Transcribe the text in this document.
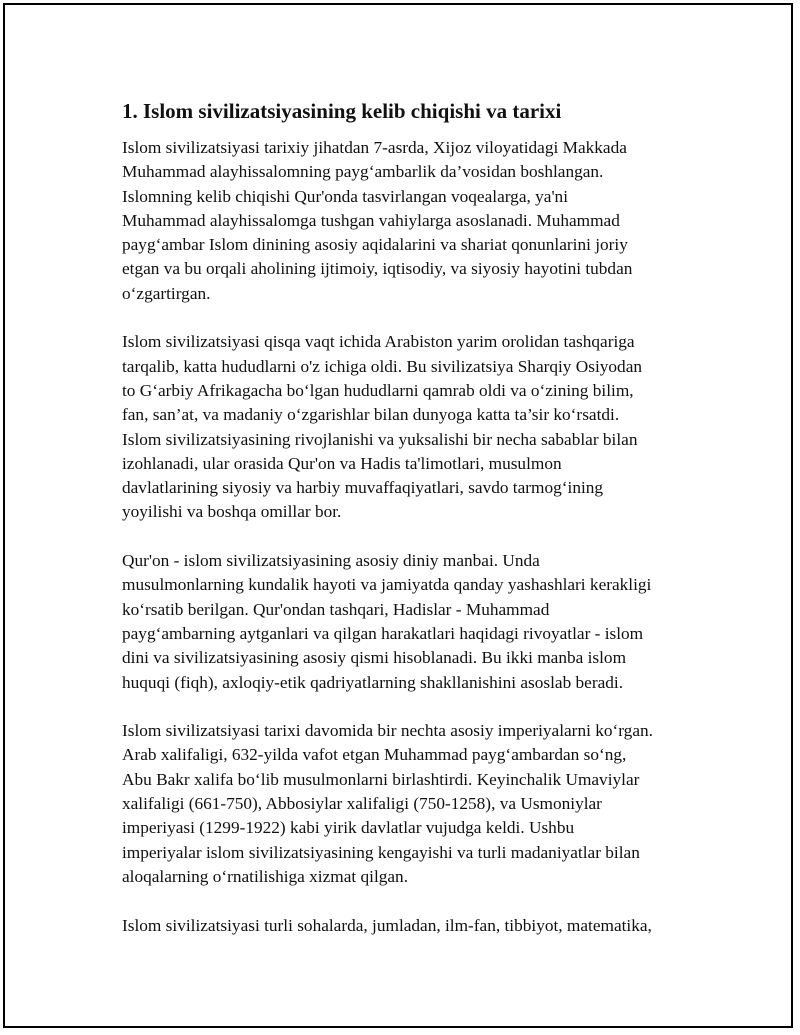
1. Islom sivilizatsiyasining kelib chiqishi va tarixi

Islom sivilizatsiyasi tarixiy jihatdan 7-asrda, Xijoz viloyatidagi Makkada
Muhammad alayhissalomning payg‘ambarlik da’vosidan boshlangan.
Islomning kelib chiqishi Qur'onda tasvirlangan voqealarga, ya'ni
Muhammad alayhissalomga tushgan vahiylarga asoslanadi. Muhammad
payg‘ambar Islom dinining asosiy aqidalarini va shariat qonunlarini joriy
etgan va bu orqali aholining ijtimoiy, iqtisodiy, va siyosiy hayotini tubdan
o‘zgartirgan.

Islom sivilizatsiyasi qisqa vaqt ichida Arabiston yarim orolidan tashqariga
tarqalib, katta hududlarni o'z ichiga oldi. Bu sivilizatsiya Sharqiy Osiyodan
to G‘arbiy Afrikagacha bo‘lgan hududlarni qamrab oldi va o‘zining bilim,
fan, san’at, va madaniy o‘zgarishlar bilan dunyoga katta ta’sir ko‘rsatdi.
Islom sivilizatsiyasining rivojlanishi va yuksalishi bir necha sabablar bilan
izohlanadi, ular orasida Qur'on va Hadis ta'limotlari, musulmon
davlatlarining siyosiy va harbiy muvaffaqiyatlari, savdo tarmog‘ining
yoyilishi va boshqa omillar bor.

Qur'on - islom sivilizatsiyasining asosiy diniy manbai. Unda
musulmonlarning kundalik hayoti va jamiyatda qanday yashashlari kerakligi
ko‘rsatib berilgan. Qur'ondan tashqari, Hadislar - Muhammad
payg‘ambarning aytganlari va qilgan harakatlari haqidagi rivoyatlar - islom
dini va sivilizatsiyasining asosiy qismi hisoblanadi. Bu ikki manba islom
huquqi (fiqh), axloqiy-etik qadriyatlarning shakllanishini asoslab beradi.

Islom sivilizatsiyasi tarixi davomida bir nechta asosiy imperiyalarni ko‘rgan.
Arab xalifaligi, 632-yilda vafot etgan Muhammad payg‘ambardan so‘ng,
Abu Bakr xalifa bo‘lib musulmonlarni birlashtirdi. Keyinchalik Umaviylar
xalifaligi (661-750), Abbosiylar xalifaligi (750-1258), va Usmoniylar
imperiyasi (1299-1922) kabi yirik davlatlar vujudga keldi. Ushbu
imperiyalar islom sivilizatsiyasining kengayishi va turli madaniyatlar bilan
aloqalarning o‘rnatilishiga xizmat qilgan.

Islom sivilizatsiyasi turli sohalarda, jumladan, ilm-fan, tibbiyot, matematika,
